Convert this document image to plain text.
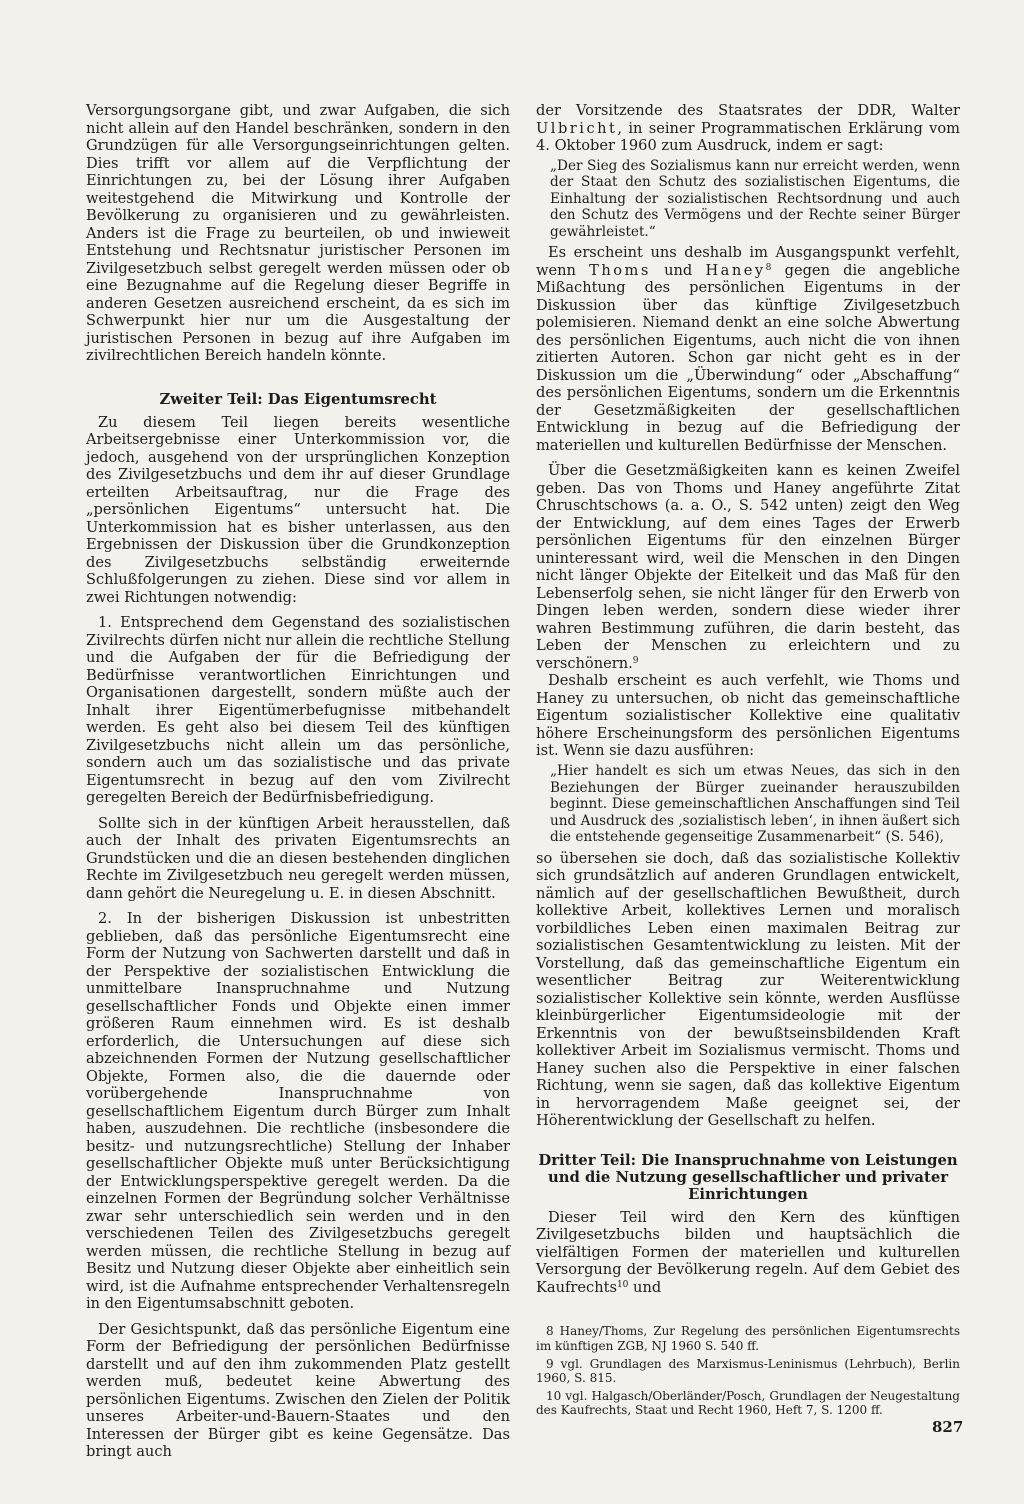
Versorgungsorgane gibt, und zwar Aufgaben, die sich nicht allein auf den Handel beschränken, sondern in den Grundzügen für alle Versorgungseinrichtungen gelten. Dies trifft vor allem auf die Verpflichtung der Einrichtungen zu, bei der Lösung ihrer Aufgaben weitestgehend die Mitwirkung und Kontrolle der Bevölkerung zu organisieren und zu gewährleisten. Anders ist die Frage zu beurteilen, ob und inwieweit Entstehung und Rechtsnatur juristischer Personen im Zivilgesetzbuch selbst geregelt werden müssen oder ob eine Bezugnahme auf die Regelung dieser Begriffe in anderen Gesetzen ausreichend erscheint, da es sich im Schwerpunkt hier nur um die Ausgestaltung der juristischen Personen in bezug auf ihre Aufgaben im zivilrechtlichen Bereich handeln könnte.

Zweiter Teil: Das Eigentumsrecht

Zu diesem Teil liegen bereits wesentliche Arbeitsergebnisse einer Unterkommission vor, die jedoch, ausgehend von der ursprünglichen Konzeption des Zivilgesetzbuchs und dem ihr auf dieser Grundlage erteilten Arbeitsauftrag, nur die Frage des „persönlichen Eigentums“ untersucht hat. Die Unterkommission hat es bisher unterlassen, aus den Ergebnissen der Diskussion über die Grundkonzeption des Zivilgesetzbuchs selbständig erweiternde Schlußfolgerungen zu ziehen. Diese sind vor allem in zwei Richtungen notwendig:

1. Entsprechend dem Gegenstand des sozialistischen Zivilrechts dürfen nicht nur allein die rechtliche Stellung und die Aufgaben der für die Befriedigung der Bedürfnisse verantwortlichen Einrichtungen und Organisationen dargestellt, sondern müßte auch der Inhalt ihrer Eigentümerbefugnisse mitbehandelt werden. Es geht also bei diesem Teil des künftigen Zivilgesetzbuchs nicht allein um das persönliche, sondern auch um das sozialistische und das private Eigentumsrecht in bezug auf den vom Zivilrecht geregelten Bereich der Bedürfnisbefriedigung.

Sollte sich in der künftigen Arbeit herausstellen, daß auch der Inhalt des privaten Eigentumsrechts an Grundstücken und die an diesen bestehenden dinglichen Rechte im Zivilgesetzbuch neu geregelt werden müssen, dann gehört die Neuregelung u. E. in diesen Abschnitt.

2. In der bisherigen Diskussion ist unbestritten geblieben, daß das persönliche Eigentumsrecht eine Form der Nutzung von Sachwerten darstellt und daß in der Perspektive der sozialistischen Entwicklung die unmittelbare Inanspruchnahme und Nutzung gesellschaftlicher Fonds und Objekte einen immer größeren Raum einnehmen wird. Es ist deshalb erforderlich, die Untersuchungen auf diese sich abzeichnenden Formen der Nutzung gesellschaftlicher Objekte, Formen also, die die dauernde oder vorübergehende Inanspruchnahme von gesellschaftlichem Eigentum durch Bürger zum Inhalt haben, auszudehnen. Die rechtliche (insbesondere die besitz- und nutzungsrechtliche) Stellung der Inhaber gesellschaftlicher Objekte muß unter Berücksichtigung der Entwicklungsperspektive geregelt werden. Da die einzelnen Formen der Begründung solcher Verhältnisse zwar sehr unterschiedlich sein werden und in den verschiedenen Teilen des Zivilgesetzbuchs geregelt werden müssen, die rechtliche Stellung in bezug auf Besitz und Nutzung dieser Objekte aber einheitlich sein wird, ist die Aufnahme entsprechender Verhaltensregeln in den Eigentumsabschnitt geboten.

Der Gesichtspunkt, daß das persönliche Eigentum eine Form der Befriedigung der persönlichen Bedürfnisse darstellt und auf den ihm zukommenden Platz gestellt werden muß, bedeutet keine Abwertung des persönlichen Eigentums. Zwischen den Zielen der Politik unseres Arbeiter-und-Bauern-Staates und den Interessen der Bürger gibt es keine Gegensätze. Das bringt auch

der Vorsitzende des Staatsrates der DDR, Walter Ulbricht, in seiner Programmatischen Erklärung vom 4. Oktober 1960 zum Ausdruck, indem er sagt:

„Der Sieg des Sozialismus kann nur erreicht werden, wenn der Staat den Schutz des sozialistischen Eigentums, die Einhaltung der sozialistischen Rechtsordnung und auch den Schutz des Vermögens und der Rechte seiner Bürger gewährleistet.“

Es erscheint uns deshalb im Ausgangspunkt verfehlt, wenn Thoms und Haney$^8$ gegen die angebliche Mißachtung des persönlichen Eigentums in der Diskussion über das künftige Zivilgesetzbuch polemisieren. Niemand denkt an eine solche Abwertung des persönlichen Eigentums, auch nicht die von ihnen zitierten Autoren. Schon gar nicht geht es in der Diskussion um die „Überwindung“ oder „Abschaffung“ des persönlichen Eigentums, sondern um die Erkenntnis der Gesetzmäßigkeiten der gesellschaftlichen Entwicklung in bezug auf die Befriedigung der materiellen und kulturellen Bedürfnisse der Menschen.

Über die Gesetzmäßigkeiten kann es keinen Zweifel geben. Das von Thoms und Haney angeführte Zitat Chruschtschows (a. a. O., S. 542 unten) zeigt den Weg der Entwicklung, auf dem eines Tages der Erwerb persönlichen Eigentums für den einzelnen Bürger uninteressant wird, weil die Menschen in den Dingen nicht länger Objekte der Eitelkeit und das Maß für den Lebenserfolg sehen, sie nicht länger für den Erwerb von Dingen leben werden, sondern diese wieder ihrer wahren Bestimmung zuführen, die darin besteht, das Leben der Menschen zu erleichtern und zu verschönern.$^9$

Deshalb erscheint es auch verfehlt, wie Thoms und Haney zu untersuchen, ob nicht das gemeinschaftliche Eigentum sozialistischer Kollektive eine qualitativ höhere Erscheinungsform des persönlichen Eigentums ist. Wenn sie dazu ausführen:

„Hier handelt es sich um etwas Neues, das sich in den Beziehungen der Bürger zueinander herauszubilden beginnt. Diese gemeinschaftlichen Anschaffungen sind Teil und Ausdruck des ‚sozialistisch leben‘, in ihnen äußert sich die entstehende gegenseitige Zusammenarbeit“ (S. 546),

so übersehen sie doch, daß das sozialistische Kollektiv sich grundsätzlich auf anderen Grundlagen entwickelt, nämlich auf der gesellschaftlichen Bewußtheit, durch kollektive Arbeit, kollektives Lernen und moralisch vorbildliches Leben einen maximalen Beitrag zur sozialistischen Gesamtentwicklung zu leisten. Mit der Vorstellung, daß das gemeinschaftliche Eigentum ein wesentlicher Beitrag zur Weiterentwicklung sozialistischer Kollektive sein könnte, werden Ausflüsse kleinbürgerlicher Eigentumsideologie mit der Erkenntnis von der bewußtseinsbildenden Kraft kollektiver Arbeit im Sozialismus vermischt. Thoms und Haney suchen also die Perspektive in einer falschen Richtung, wenn sie sagen, daß das kollektive Eigentum in hervorragendem Maße geeignet sei, der Höherentwicklung der Gesellschaft zu helfen.

Dritter Teil: Die Inanspruchnahme von Leistungen und die Nutzung gesellschaftlicher und privater Einrichtungen

Dieser Teil wird den Kern des künftigen Zivilgesetzbuchs bilden und hauptsächlich die vielfältigen Formen der materiellen und kulturellen Versorgung der Bevölkerung regeln. Auf dem Gebiet des Kaufrechts$^{10}$ und

8 Haney/Thoms, Zur Regelung des persönlichen Eigentumsrechts im künftigen ZGB, NJ 1960 S. 540 ff.

9 vgl. Grundlagen des Marxismus-Leninismus (Lehrbuch), Berlin 1960, S. 815.

10 vgl. Halgasch/Oberländer/Posch, Grundlagen der Neugestaltung des Kaufrechts, Staat und Recht 1960, Heft 7, S. 1200 ff.

827
